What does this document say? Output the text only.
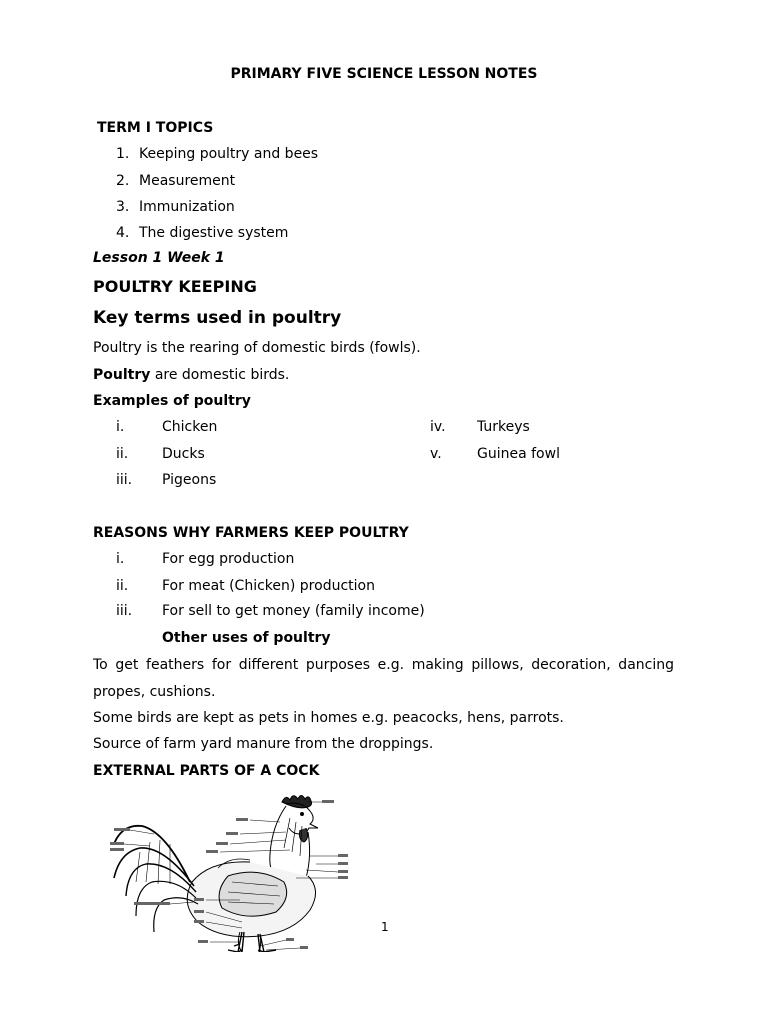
PRIMARY FIVE SCIENCE LESSON NOTES
TERM I TOPICS
1. Keeping poultry and bees
2. Measurement
3. Immunization
4. The digestive system
Lesson 1 Week 1
POULTRY KEEPING
Key terms used in poultry
Poultry is the rearing of domestic birds (fowls).
Poultry are domestic birds.
Examples of poultry
i.	Chicken
ii. Ducks
iii. Pigeons
iv. Turkeys
v.	Guinea fowl
REASONS WHY FARMERS KEEP POULTRY
i.	For egg production
ii. For meat (Chicken) production
iii. For sell to get money (family income)
Other uses of poultry
To get feathers for different purposes e.g. making pillows, decoration, dancing
propes, cushions.
Some birds are kept as pets in homes e.g. peacocks, hens, parrots.
Source of farm yard manure from the droppings.
EXTERNAL PARTS OF A COCK
1
